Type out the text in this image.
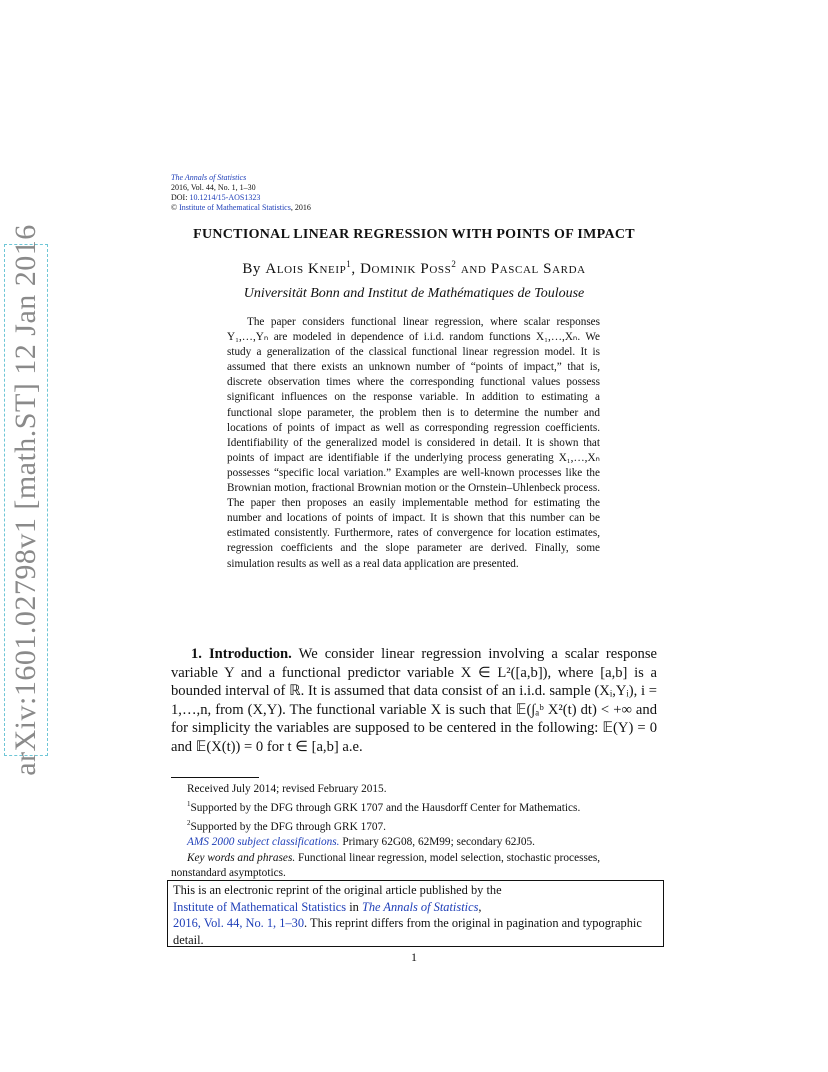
arXiv:1601.02798v1 [math.ST] 12 Jan 2016
The Annals of Statistics
2016, Vol. 44, No. 1, 1–30
DOI: 10.1214/15-AOS1323
© Institute of Mathematical Statistics, 2016
FUNCTIONAL LINEAR REGRESSION WITH POINTS OF IMPACT
By Alois Kneip$^1$, Dominik Poss$^2$ and Pascal Sarda
Universität Bonn and Institut de Mathématiques de Toulouse
The paper considers functional linear regression, where scalar responses Y₁,…,Yₙ are modeled in dependence of i.i.d. random functions X₁,…,Xₙ. We study a generalization of the classical functional linear regression model. It is assumed that there exists an unknown number of “points of impact,” that is, discrete observation times where the corresponding functional values possess significant influences on the response variable. In addition to estimating a functional slope parameter, the problem then is to determine the number and locations of points of impact as well as corresponding regression coefficients. Identifiability of the generalized model is considered in detail. It is shown that points of impact are identifiable if the underlying process generating X₁,…,Xₙ possesses “specific local variation.” Examples are well-known processes like the Brownian motion, fractional Brownian motion or the Ornstein–Uhlenbeck process. The paper then proposes an easily implementable method for estimating the number and locations of points of impact. It is shown that this number can be estimated consistently. Furthermore, rates of convergence for location estimates, regression coefficients and the slope parameter are derived. Finally, some simulation results as well as a real data application are presented.
1. Introduction. We consider linear regression involving a scalar response variable Y and a functional predictor variable X ∈ L²([a,b]), where [a,b] is a bounded interval of ℝ. It is assumed that data consist of an i.i.d. sample (Xᵢ,Yᵢ), i = 1,…,n, from (X,Y). The functional variable X is such that 𝔼(∫ₐᵇ X²(t) dt) < +∞ and for simplicity the variables are supposed to be centered in the following: 𝔼(Y) = 0 and 𝔼(X(t)) = 0 for t ∈ [a,b] a.e.

Received July 2014; revised February 2015.

$^1$Supported by the DFG through GRK 1707 and the Hausdorff Center for Mathematics.

$^2$Supported by the DFG through GRK 1707.

AMS 2000 subject classifications. Primary 62G08, 62M99; secondary 62J05.

Key words and phrases. Functional linear regression, model selection, stochastic processes, nonstandard asymptotics.

This is an electronic reprint of the original article published by the
Institute of Mathematical Statistics in The Annals of Statistics,
2016, Vol. 44, No. 1, 1–30. This reprint differs from the original in pagination and typographic detail.
1
